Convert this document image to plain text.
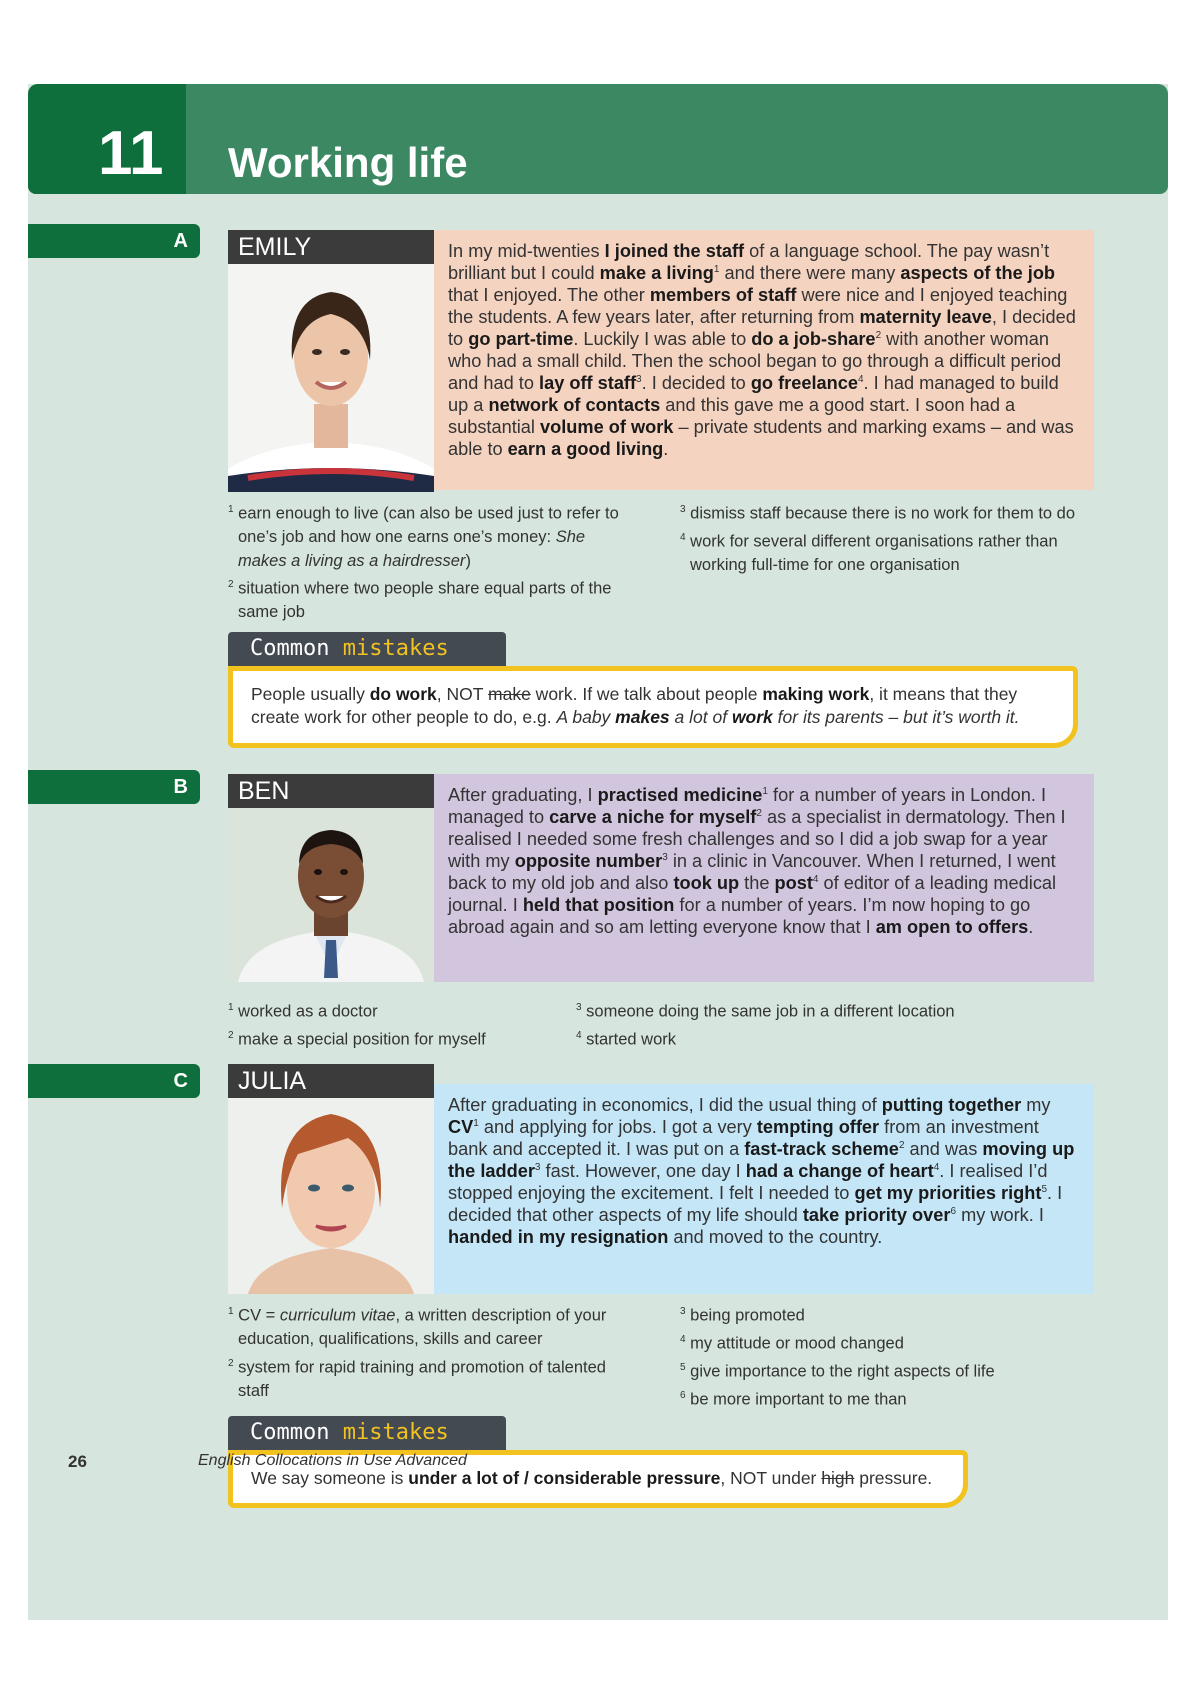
11	Working life
A	EMILY	In my mid-twenties I joined the staff of a language school. The pay wasn’t brilliant but I could make a living$^1$ and there were many aspects of the job that I enjoyed. The other members of staff were nice and I enjoyed teaching the students. A few years later, after returning from maternity leave, I decided to go part-time. Luckily I was able to do a job-share$^2$ with another woman who had a small child. Then the school began to go through a difficult period and had to lay off staff$^3$. I decided to go freelance$^4$. I had managed to build up a network of contacts and this gave me a good start. I soon had a substantial volume of work – private students and marking exams – and was able to earn a good living.
$^1$ earn enough to live (can also be used just to refer to one’s job and how one earns one’s money: She makes a living as a hairdresser)
$^2$ situation where two people share equal parts of the same job
$^3$ dismiss staff because there is no work for them to do
$^4$ work for several different organisations rather than working full-time for one organisation
Common mistakes
People usually do work, NOT make work. If we talk about people making work, it means that they create work for other people to do, e.g. A baby makes a lot of work for its parents – but it’s worth it.
B	BEN	After graduating, I practised medicine$^1$ for a number of years in London. I managed to carve a niche for myself$^2$ as a specialist in dermatology. Then I realised I needed some fresh challenges and so I did a job swap for a year with my opposite number$^3$ in a clinic in Vancouver. When I returned, I went back to my old job and also took up the post$^4$ of editor of a leading medical journal. I held that position for a number of years. I’m now hoping to go abroad again and so am letting everyone know that I am open to offers.
$^1$ worked as a doctor
$^2$ make a special position for myself
$^3$ someone doing the same job in a different location
$^4$ started work
C	JULIA
After graduating in economics, I did the usual thing of putting together my $CV^1$ and applying for jobs. I got a very tempting offer from an investment bank and accepted it. I was put on a fast-track scheme$^2$ and was moving up the ladder$^3$ fast. However, one day I had a change of heart$^4$. I realised I’d stopped enjoying the excitement. I felt I needed to get my priorities right$^5$. I decided that other aspects of my life should take priority over$^6$ my work. I handed in my resignation and moved to the country.
$^1$ CV = curriculum vitae, a written description of your education, qualifications, skills and career
$^2$ system for rapid training and promotion of talented staff
$^3$ being promoted
$^4$ my attitude or mood changed
$^5$ give importance to the right aspects of life
$^6$ be more important to me than
Common mistakes
We say someone is under a lot of / considerable pressure, NOT under high pressure.
26	English Collocations in Use Advanced
